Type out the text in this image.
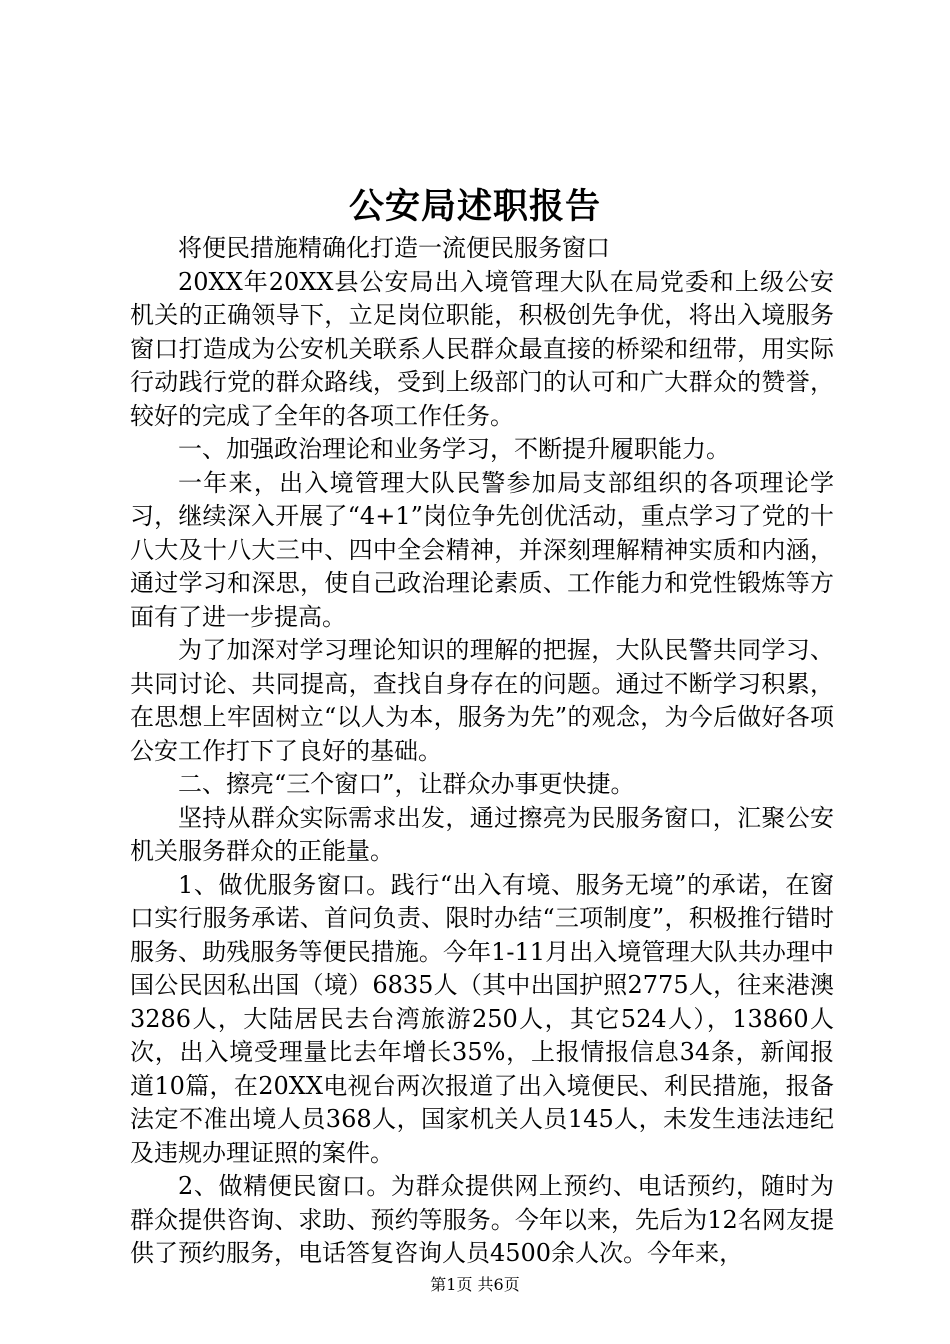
公安局述职报告

将便民措施精确化打造一流便民服务窗口

20XX年20XX县公安局出入境管理大队在局党委和上级公安机关的正确领导下，立足岗位职能，积极创先争优，将出入境服务窗口打造成为公安机关联系人民群众最直接的桥梁和纽带，用实际行动践行党的群众路线，受到上级部门的认可和广大群众的赞誉，较好的完成了全年的各项工作任务。

一、加强政治理论和业务学习，不断提升履职能力。

一年来，出入境管理大队民警参加局支部组织的各项理论学习，继续深入开展了“4+1”岗位争先创优活动，重点学习了党的十八大及十八大三中、四中全会精神，并深刻理解精神实质和内涵，通过学习和深思，使自己政治理论素质、工作能力和党性锻炼等方面有了进一步提高。

为了加深对学习理论知识的理解的把握，大队民警共同学习、共同讨论、共同提高，查找自身存在的问题。通过不断学习积累，在思想上牢固树立“以人为本，服务为先”的观念，为今后做好各项公安工作打下了良好的基础。

二、擦亮“三个窗口”，让群众办事更快捷。

坚持从群众实际需求出发，通过擦亮为民服务窗口，汇聚公安机关服务群众的正能量。

1、做优服务窗口。践行“出入有境、服务无境”的承诺，在窗口实行服务承诺、首问负责、限时办结“三项制度”，积极推行错时服务、助残服务等便民措施。今年1-11月出入境管理大队共办理中国公民因私出国（境）6835人（其中出国护照2775人，往来港澳3286人，大陆居民去台湾旅游250人，其它524人），13860人次，出入境受理量比去年增长35%，上报情报信息34条，新闻报道10篇，在20XX电视台两次报道了出入境便民、利民措施，报备法定不准出境人员368人，国家机关人员145人，未发生违法违纪及违规办理证照的案件。

2、做精便民窗口。为群众提供网上预约、电话预约，随时为群众提供咨询、求助、预约等服务。今年以来，先后为12名网友提供了预约服务，电话答复咨询人员4500余人次。今年来，

第1页 共6页
